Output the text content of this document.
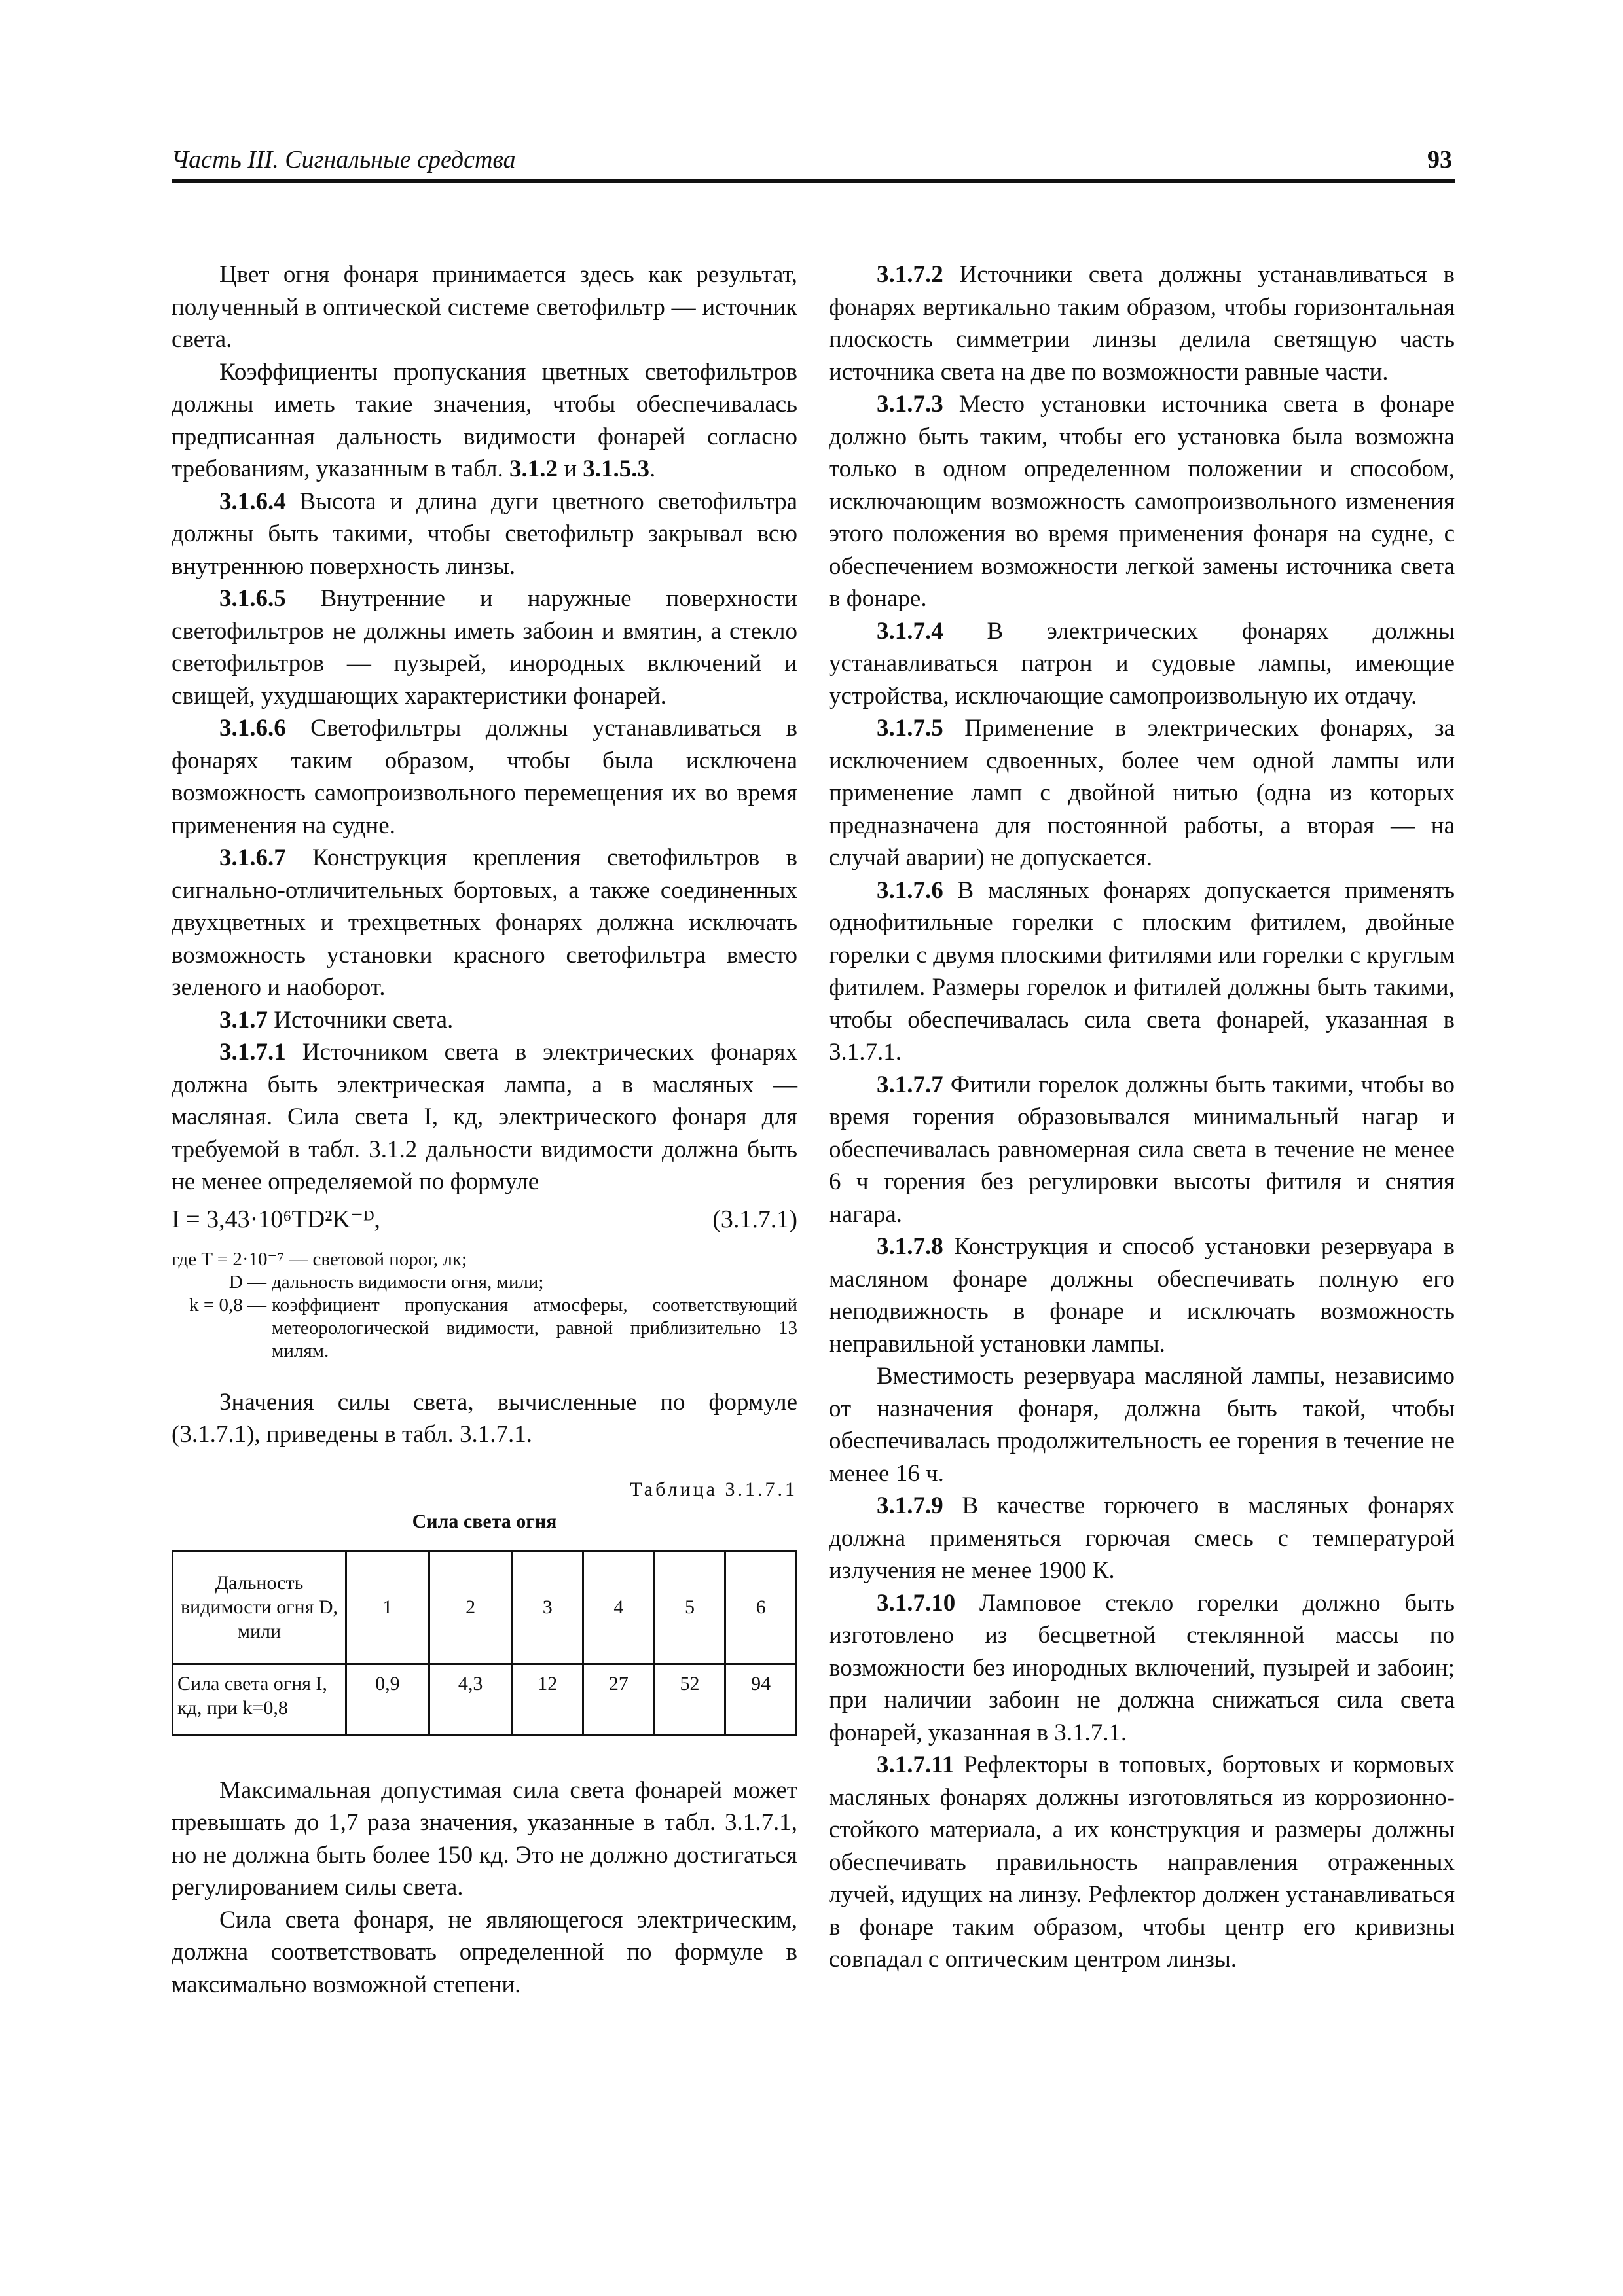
Часть III. Сигнальные средства	93

Цвет огня фонаря принимается здесь как результат, полученный в оптической системе светофильтр — источник света.

Коэффициенты пропускания цветных светофильтров должны иметь такие значения, чтобы обеспечивалась предписанная дальность видимости фонарей согласно требованиям, указанным в табл. 3.1.2 и 3.1.5.3.

3.1.6.4 Высота и длина дуги цветного светофильтра должны быть такими, чтобы светофильтр закрывал всю внутреннюю поверхность линзы.

3.1.6.5 Внутренние и наружные поверхности светофильтров не должны иметь забоин и вмятин, а стекло светофильтров — пузырей, инородных включений и свищей, ухудшающих характеристики фонарей.

3.1.6.6 Светофильтры должны устанавливаться в фонарях таким образом, чтобы была исключена возможность самопроизвольного перемещения их во время применения на судне.

3.1.6.7 Конструкция крепления светофильтров в сигнально-отличительных бортовых, а также соединенных двухцветных и трехцветных фонарях должна исключать возможность установки красного светофильтра вместо зеленого и наоборот.

3.1.7 Источники света.

3.1.7.1 Источником света в электрических фонарях должна быть электрическая лампа, а в масляных — масляная. Сила света I, кд, электрического фонаря для требуемой в табл. 3.1.2 дальности видимости должна быть не менее определяемой по формуле

I = 3,43·10⁶TD²K⁻ᴰ,	(3.1.7.1)
где T = 2·10⁻⁷ — световой порог, лк;
D — дальность видимости огня, мили;
k = 0,8 — коэффициент пропускания атмосферы, соответствующий метеорологической видимости, равной приблизительно 13 милям.

Значения силы света, вычисленные по формуле (3.1.7.1), приведены в табл. 3.1.7.1.

Таблица 3.1.7.1
Сила света огня
Дальность видимости огня D, мили	1	2	3	4	5	6
Сила света огня I, кд, при k=0,8	0,9	4,3	12	27	52	94

Максимальная допустимая сила света фонарей может превышать до 1,7 раза значения, указанные в табл. 3.1.7.1, но не должна быть более 150 кд. Это не должно достигаться регулированием силы света.

Сила света фонаря, не являющегося электрическим, должна соответствовать определенной по формуле в максимально возможной степени.

3.1.7.2 Источники света должны устанавливаться в фонарях вертикально таким образом, чтобы горизонтальная плоскость симметрии линзы делила светящую часть источника света на две по возможности равные части.

3.1.7.3 Место установки источника света в фонаре должно быть таким, чтобы его установка была возможна только в одном определенном положении и способом, исключающим возможность самопроизвольного изменения этого положения во время применения фонаря на судне, с обеспечением возможности легкой замены источника света в фонаре.

3.1.7.4 В электрических фонарях должны устанавливаться патрон и судовые лампы, имеющие устройства, исключающие самопроизвольную их отдачу.

3.1.7.5 Применение в электрических фонарях, за исключением сдвоенных, более чем одной лампы или применение ламп с двойной нитью (одна из которых предназначена для постоянной работы, а вторая — на случай аварии) не допускается.

3.1.7.6 В масляных фонарях допускается применять однофитильные горелки с плоским фитилем, двойные горелки с двумя плоскими фитилями или горелки с круглым фитилем. Размеры горелок и фитилей должны быть такими, чтобы обеспечивалась сила света фонарей, указанная в 3.1.7.1.

3.1.7.7 Фитили горелок должны быть такими, чтобы во время горения образовывался минимальный нагар и обеспечивалась равномерная сила света в течение не менее 6 ч горения без регулировки высоты фитиля и снятия нагара.

3.1.7.8 Конструкция и способ установки резервуара в масляном фонаре должны обеспечивать полную его неподвижность в фонаре и исключать возможность неправильной установки лампы.

Вместимость резервуара масляной лампы, независимо от назначения фонаря, должна быть такой, чтобы обеспечивалась продолжительность ее горения в течение не менее 16 ч.

3.1.7.9 В качестве горючего в масляных фонарях должна применяться горючая смесь с температурой излучения не менее 1900 К.

3.1.7.10 Ламповое стекло горелки должно быть изготовлено из бесцветной стеклянной массы по возможности без инородных включений, пузырей и забоин; при наличии забоин не должна снижаться сила света фонарей, указанная в 3.1.7.1.

3.1.7.11 Рефлекторы в топовых, бортовых и кормовых масляных фонарях должны изготовляться из коррозионно-стойкого материала, а их конструкция и размеры должны обеспечивать правильность направления отраженных лучей, идущих на линзу. Рефлектор должен устанавливаться в фонаре таким образом, чтобы центр его кривизны совпадал с оптическим центром линзы.
